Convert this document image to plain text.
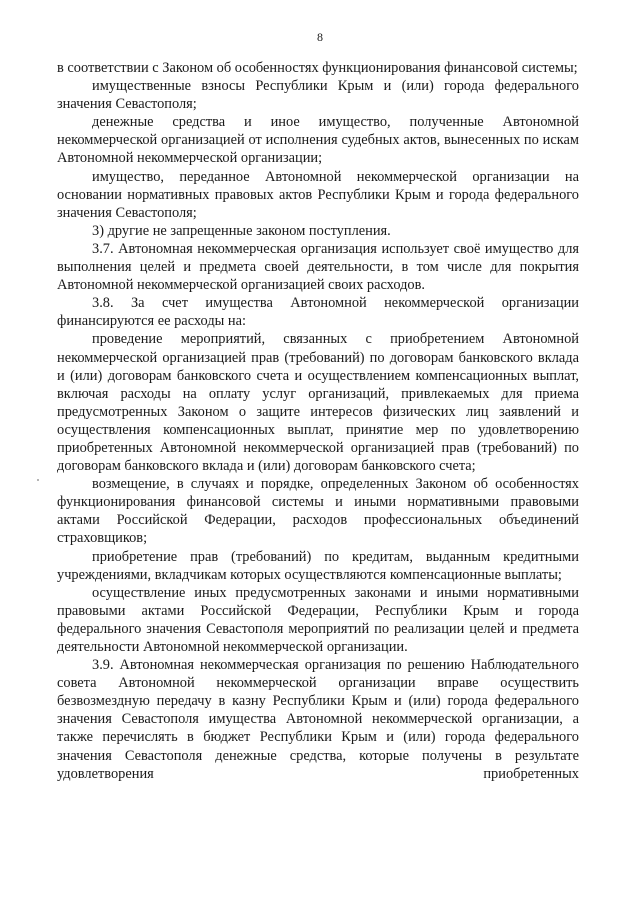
8

в соответствии с Законом об особенностях функционирования финансовой системы;

имущественные взносы Республики Крым и (или) города федерального значения Севастополя;

денежные средства и иное имущество, полученные Автономной некоммерческой организацией от исполнения судебных актов, вынесенных по искам Автономной некоммерческой организации;

имущество, переданное Автономной некоммерческой организации на основании нормативных правовых актов Республики Крым и города федерального значения Севастополя;

3) другие не запрещенные законом поступления.

3.7. Автономная некоммерческая организация использует своё имущество для выполнения целей и предмета своей деятельности, в том числе для покрытия Автономной некоммерческой организацией своих расходов.

3.8. За счет имущества Автономной некоммерческой организации финансируются ее расходы на:

проведение мероприятий, связанных с приобретением Автономной некоммерческой организацией прав (требований) по договорам банковского вклада и (или) договорам банковского счета и осуществлением компенсационных выплат, включая расходы на оплату услуг организаций, привлекаемых для приема предусмотренных Законом о защите интересов физических лиц заявлений и осуществления компенсационных выплат, принятие мер по удовлетворению приобретенных Автономной некоммерческой организацией прав (требований) по договорам банковского вклада и (или) договорам банковского счета;

возмещение, в случаях и порядке, определенных Законом об особенностях функционирования финансовой системы и иными нормативными правовыми актами Российской Федерации, расходов профессиональных объединений страховщиков;

приобретение прав (требований) по кредитам, выданным кредитными учреждениями, вкладчикам которых осуществляются компенсационные выплаты;

осуществление иных предусмотренных законами и иными нормативными правовыми актами Российской Федерации, Республики Крым и города федерального значения Севастополя мероприятий по реализации целей и предмета деятельности Автономной некоммерческой организации.

3.9. Автономная некоммерческая организация по решению Наблюдательного совета Автономной некоммерческой организации вправе осуществить безвозмездную передачу в казну Республики Крым и (или) города федерального значения Севастополя имущества Автономной некоммерческой организации, а также перечислять в бюджет Республики Крым и (или) города федерального значения Севастополя денежные средства, которые получены в результате удовлетворения приобретенных
